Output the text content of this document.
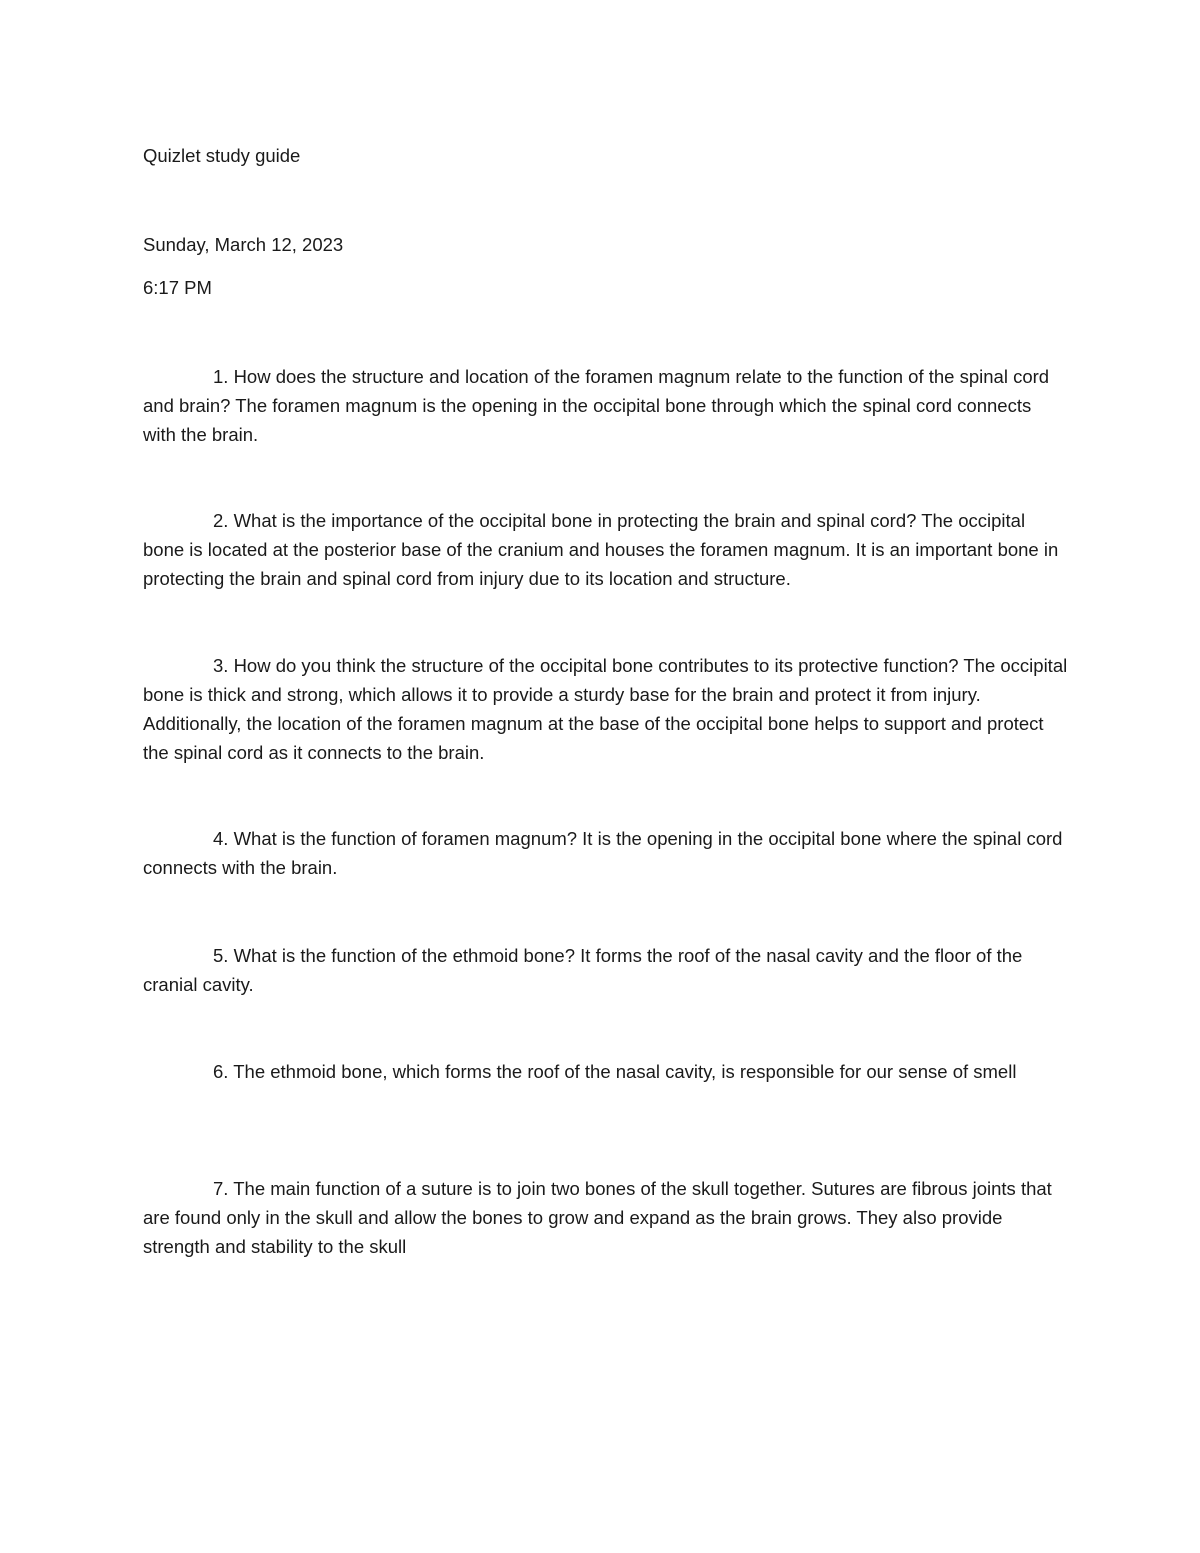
Quizlet study guide
Sunday, March 12, 2023
6:17 PM

1. How does the structure and location of the foramen magnum relate to the function of the spinal cord and brain? The foramen magnum is the opening in the occipital bone through which the spinal cord connects with the brain.

2. What is the importance of the occipital bone in protecting the brain and spinal cord? The occipital bone is located at the posterior base of the cranium and houses the foramen magnum. It is an important bone in protecting the brain and spinal cord from injury due to its location and structure.

3. How do you think the structure of the occipital bone contributes to its protective function? The occipital bone is thick and strong, which allows it to provide a sturdy base for the brain and protect it from injury. Additionally, the location of the foramen magnum at the base of the occipital bone helps to support and protect the spinal cord as it connects to the brain.

4. What is the function of foramen magnum? It is the opening in the occipital bone where the spinal cord connects with the brain.

5. What is the function of the ethmoid bone? It forms the roof of the nasal cavity and the floor of the cranial cavity.

6. The ethmoid bone, which forms the roof of the nasal cavity, is responsible for our sense of smell

7. The main function of a suture is to join two bones of the skull together. Sutures are fibrous joints that are found only in the skull and allow the bones to grow and expand as the brain grows. They also provide strength and stability to the skull
